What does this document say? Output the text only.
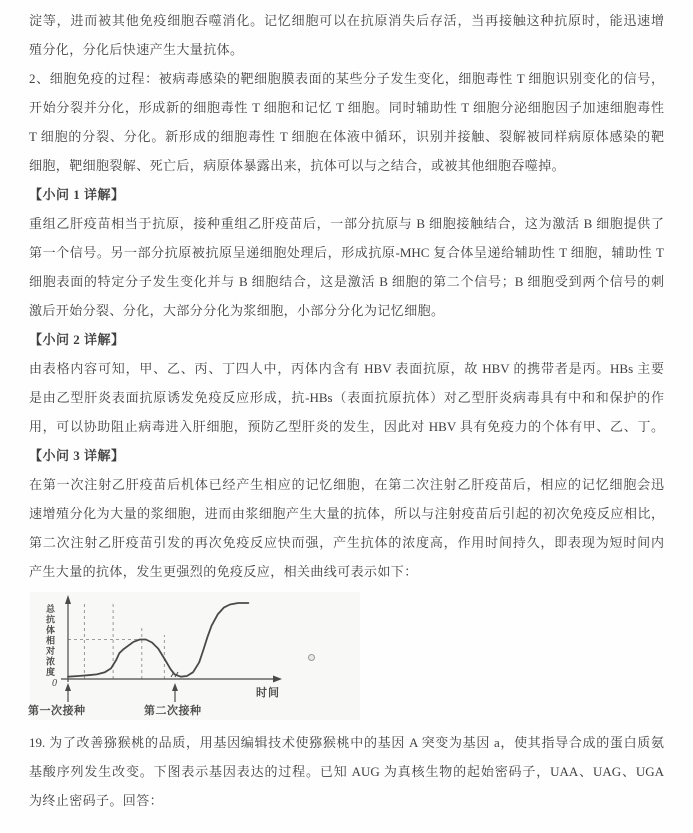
淀等，进而被其他免疫细胞吞噬消化。记忆细胞可以在抗原消失后存活，当再接触这种抗原时，能迅速增
殖分化，分化后快速产生大量抗体。
2、细胞免疫的过程：被病毒感染的靶细胞膜表面的某些分子发生变化，细胞毒性 T 细胞识别变化的信号，
开始分裂并分化，形成新的细胞毒性 T 细胞和记忆 T 细胞。同时辅助性 T 细胞分泌细胞因子加速细胞毒性
T 细胞的分裂、分化。新形成的细胞毒性 T 细胞在体液中循环，识别并接触、裂解被同样病原体感染的靶
细胞，靶细胞裂解、死亡后，病原体暴露出来，抗体可以与之结合，或被其他细胞吞噬掉。
【小问 1 详解】
重组乙肝疫苗相当于抗原，接种重组乙肝疫苗后，一部分抗原与 B 细胞接触结合，这为激活 B 细胞提供了
第一个信号。另一部分抗原被抗原呈递细胞处理后，形成抗原-MHC 复合体呈递给辅助性 T 细胞，辅助性 T
细胞表面的特定分子发生变化并与 B 细胞结合，这是激活 B 细胞的第二个信号；B 细胞受到两个信号的刺
激后开始分裂、分化，大部分分化为浆细胞，小部分分化为记忆细胞。
【小问 2 详解】
由表格内容可知，甲、乙、丙、丁四人中，丙体内含有 HBV 表面抗原，故 HBV 的携带者是丙。HBs 主要
是由乙型肝炎表面抗原诱发免疫反应形成，抗-HBs（表面抗原抗体）对乙型肝炎病毒具有中和和保护的作
用，可以协助阻止病毒进入肝细胞，预防乙型肝炎的发生，因此对 HBV 具有免疫力的个体有甲、乙、丁。
【小问 3 详解】
在第一次注射乙肝疫苗后机体已经产生相应的记忆细胞，在第二次注射乙肝疫苗后，相应的记忆细胞会迅
速增殖分化为大量的浆细胞，进而由浆细胞产生大量的抗体，所以与注射疫苗后引起的初次免疫反应相比，
第二次注射乙肝疫苗引发的再次免疫反应快而强，产生抗体的浓度高，作用时间持久，即表现为短时间内
产生大量的抗体，发生更强烈的免疫反应，相关曲线可表示如下：
总抗体相对浓度
0
时间
第一次接种	第二次接种
19. 为了改善猕猴桃的品质，用基因编辑技术使猕猴桃中的基因 A 突变为基因 a，使其指导合成的蛋白质氨
基酸序列发生改变。下图表示基因表达的过程。已知 AUG 为真核生物的起始密码子，UAA、UAG、UGA
为终止密码子。回答：
